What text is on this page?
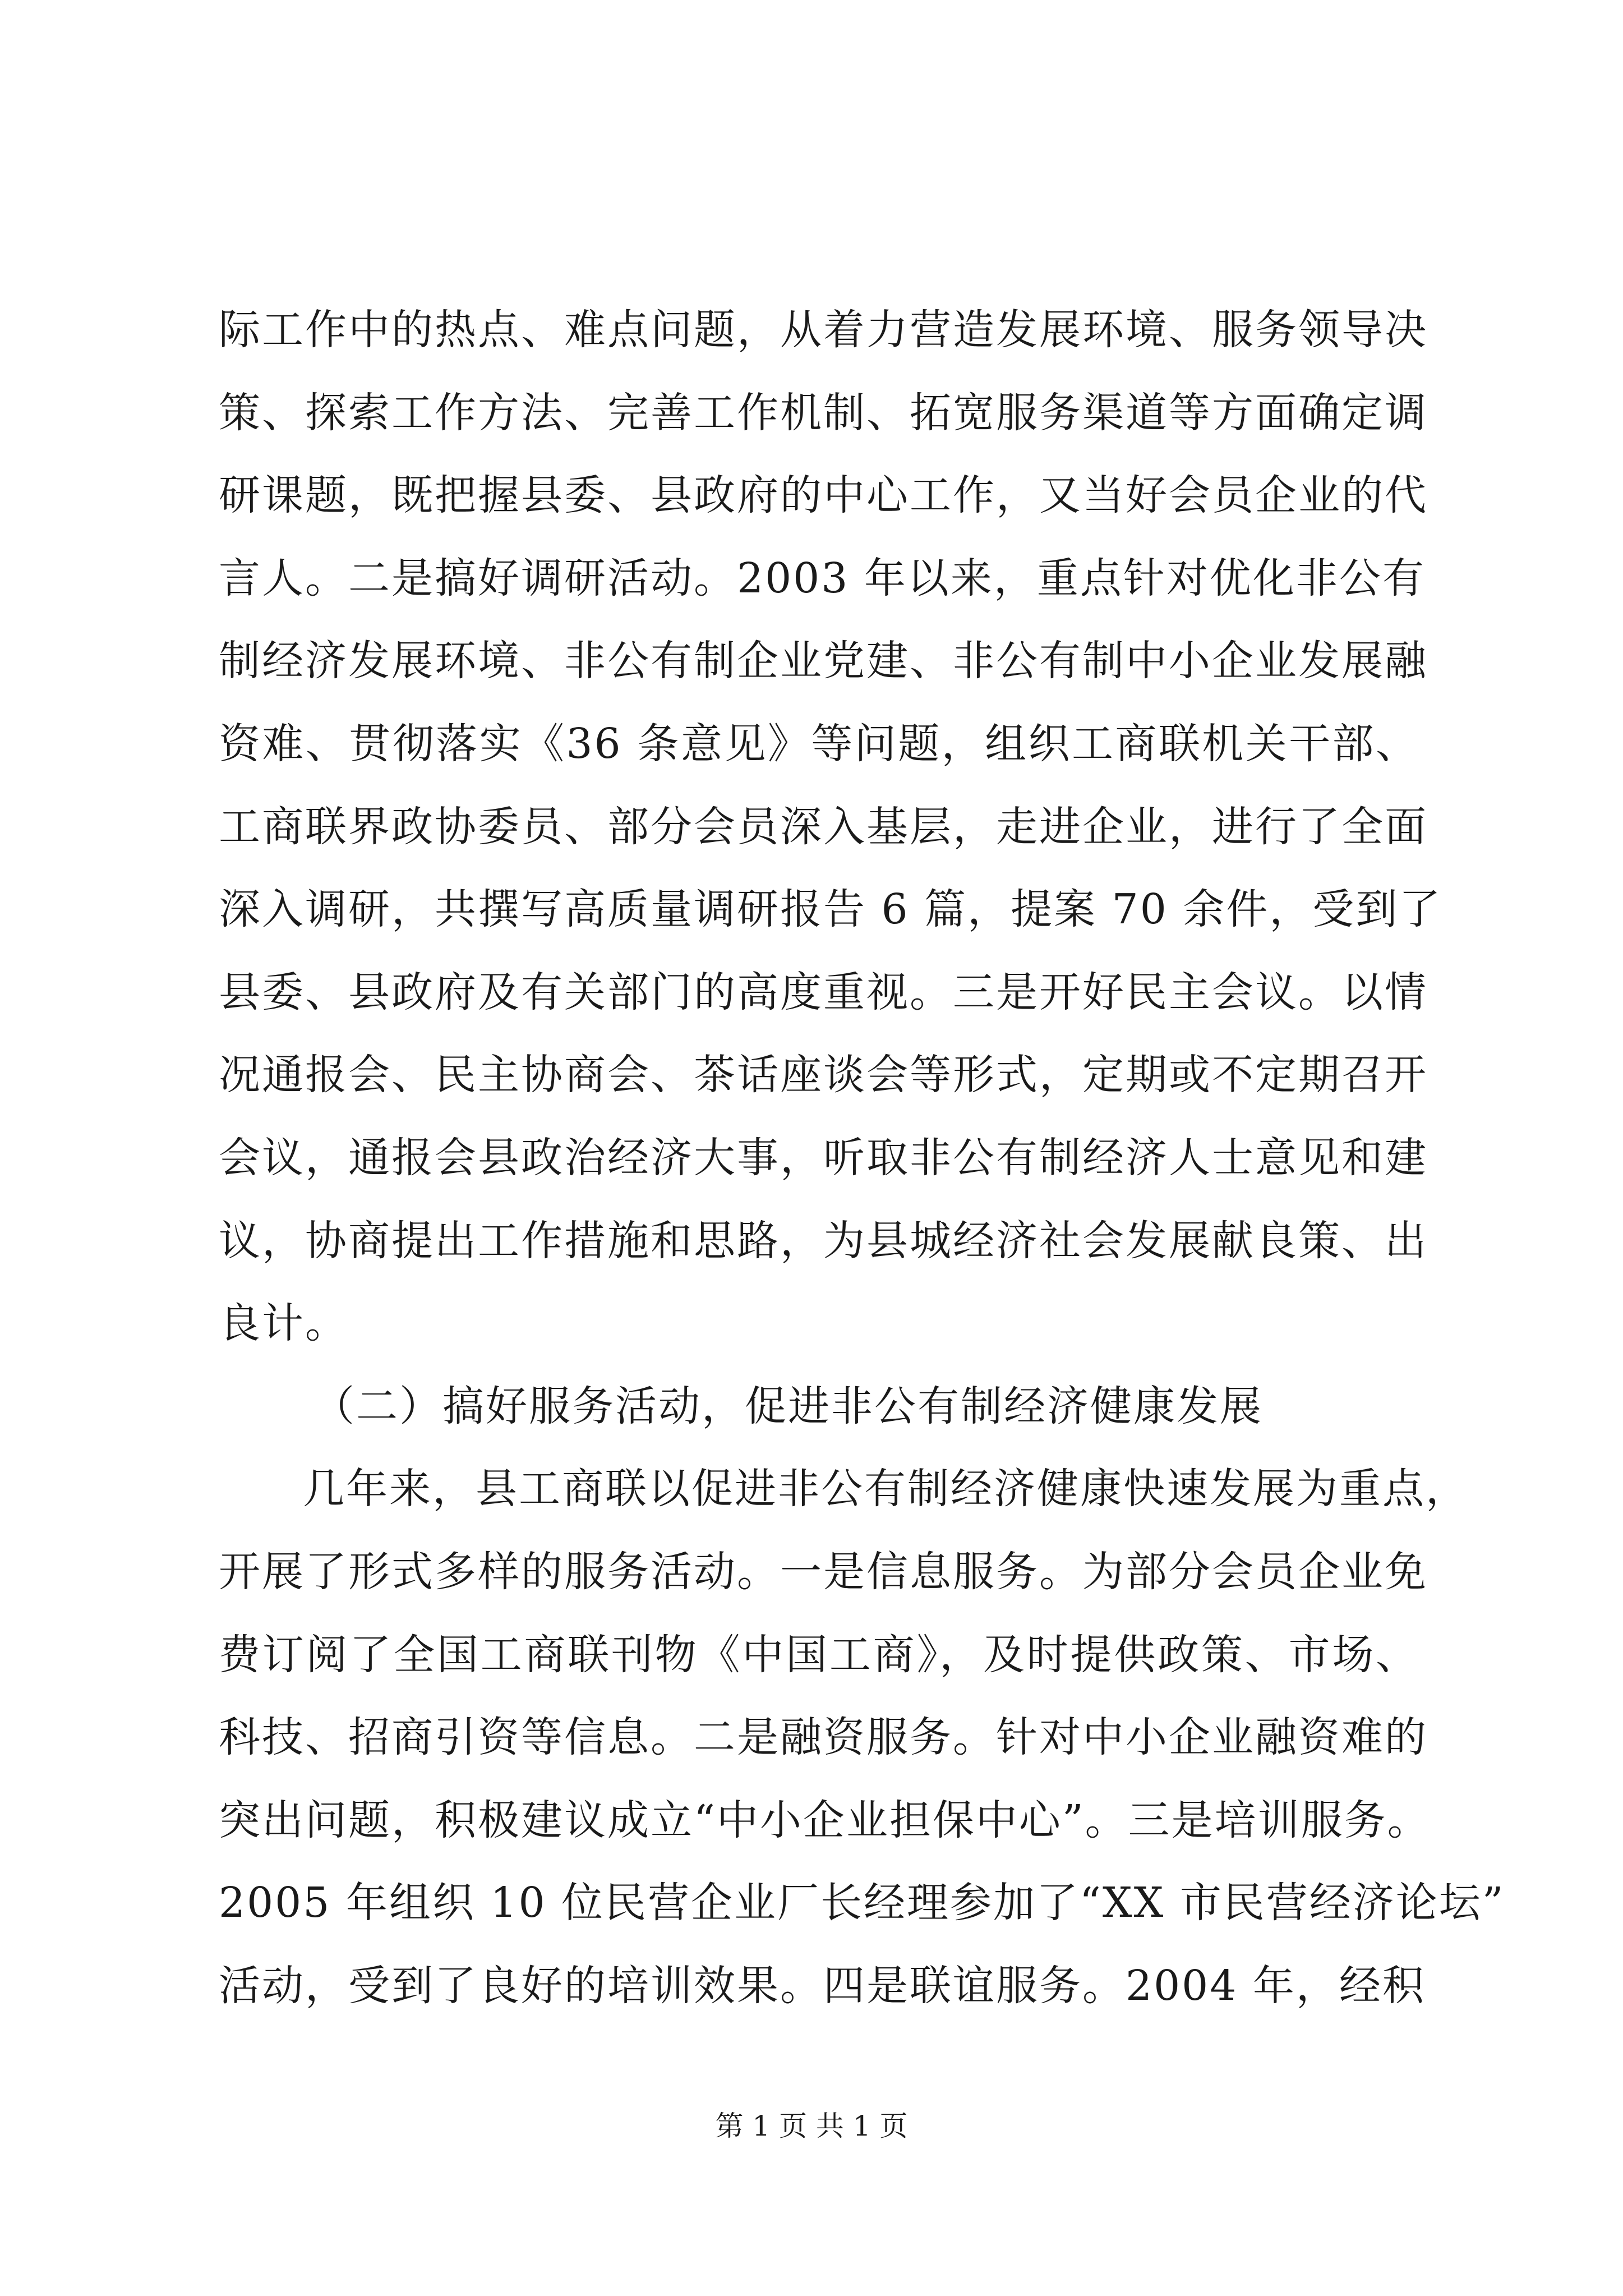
际工作中的热点、难点问题，从着力营造发展环境、服务领导决
策、探索工作方法、完善工作机制、拓宽服务渠道等方面确定调
研课题，既把握县委、县政府的中心工作，又当好会员企业的代
言人。二是搞好调研活动。2003 年以来，重点针对优化非公有
制经济发展环境、非公有制企业党建、非公有制中小企业发展融
资难、贯彻落实《36 条意见》等问题，组织工商联机关干部、
工商联界政协委员、部分会员深入基层，走进企业，进行了全面
深入调研，共撰写高质量调研报告 6 篇，提案 70 余件，受到了
县委、县政府及有关部门的高度重视。三是开好民主会议。以情
况通报会、民主协商会、茶话座谈会等形式，定期或不定期召开
会议，通报会县政治经济大事，听取非公有制经济人士意见和建
议，协商提出工作措施和思路，为县城经济社会发展献良策、出
良计。
（二）搞好服务活动，促进非公有制经济健康发展
几年来，县工商联以促进非公有制经济健康快速发展为重点，
开展了形式多样的服务活动。一是信息服务。为部分会员企业免
费订阅了全国工商联刊物《中国工商》，及时提供政策、市场、
科技、招商引资等信息。二是融资服务。针对中小企业融资难的
突出问题，积极建议成立“中小企业担保中心”。三是培训服务。
2005 年组织 10 位民营企业厂长经理参加了“XX 市民营经济论坛”
活动，受到了良好的培训效果。四是联谊服务。2004 年，经积
第 1 页 共 1 页
